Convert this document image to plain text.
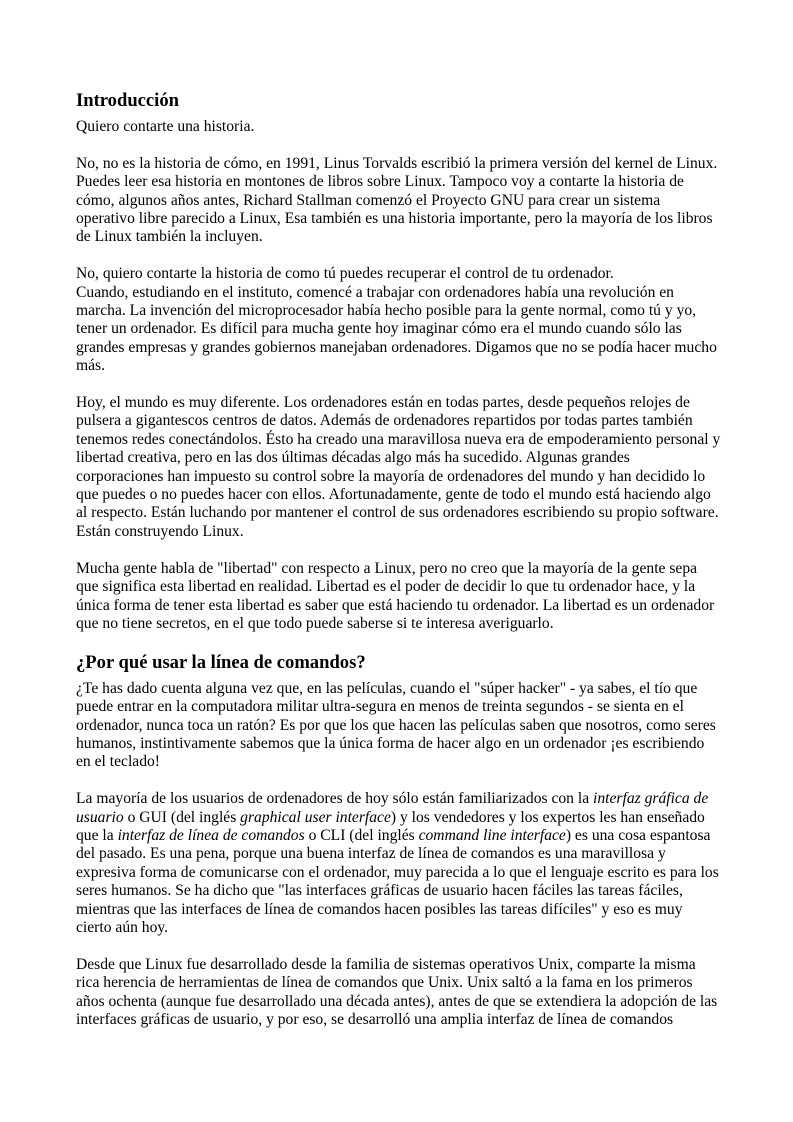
Introducción

Quiero contarte una historia.

No, no es la historia de cómo, en 1991, Linus Torvalds escribió la primera versión del kernel de Linux. Puedes leer esa historia en montones de libros sobre Linux. Tampoco voy a contarte la historia de cómo, algunos años antes, Richard Stallman comenzó el Proyecto GNU para crear un sistema operativo libre parecido a Linux, Esa también es una historia importante, pero la mayoría de los libros de Linux también la incluyen.

No, quiero contarte la historia de como tú puedes recuperar el control de tu ordenador.
Cuando, estudiando en el instituto, comencé a trabajar con ordenadores había una revolución en marcha. La invención del microprocesador había hecho posible para la gente normal, como tú y yo, tener un ordenador. Es difícil para mucha gente hoy imaginar cómo era el mundo cuando sólo las grandes empresas y grandes gobiernos manejaban ordenadores. Digamos que no se podía hacer mucho más.

Hoy, el mundo es muy diferente. Los ordenadores están en todas partes, desde pequeños relojes de pulsera a gigantescos centros de datos. Además de ordenadores repartidos por todas partes también tenemos redes conectándolos. Ésto ha creado una maravillosa nueva era de empoderamiento personal y libertad creativa, pero en las dos últimas décadas algo más ha sucedido. Algunas grandes corporaciones han impuesto su control sobre la mayoría de ordenadores del mundo y han decidido lo que puedes o no puedes hacer con ellos. Afortunadamente, gente de todo el mundo está haciendo algo al respecto. Están luchando por mantener el control de sus ordenadores escribiendo su propio software. Están construyendo Linux.

Mucha gente habla de "libertad" con respecto a Linux, pero no creo que la mayoría de la gente sepa que significa esta libertad en realidad. Libertad es el poder de decidir lo que tu ordenador hace, y la única forma de tener esta libertad es saber que está haciendo tu ordenador. La libertad es un ordenador que no tiene secretos, en el que todo puede saberse si te interesa averiguarlo.

¿Por qué usar la línea de comandos?

¿Te has dado cuenta alguna vez que, en las películas, cuando el "súper hacker" - ya sabes, el tío que puede entrar en la computadora militar ultra-segura en menos de treinta segundos - se sienta en el ordenador, nunca toca un ratón? Es por que los que hacen las películas saben que nosotros, como seres humanos, instintivamente sabemos que la única forma de hacer algo en un ordenador ¡es escribiendo en el teclado!

La mayoría de los usuarios de ordenadores de hoy sólo están familiarizados con la interfaz gráfica de usuario o GUI (del inglés graphical user interface) y los vendedores y los expertos les han enseñado que la interfaz de línea de comandos o CLI (del inglés command line interface) es una cosa espantosa del pasado. Es una pena, porque una buena interfaz de línea de comandos es una maravillosa y expresiva forma de comunicarse con el ordenador, muy parecida a lo que el lenguaje escrito es para los seres humanos. Se ha dicho que "las interfaces gráficas de usuario hacen fáciles las tareas fáciles, mientras que las interfaces de línea de comandos hacen posibles las tareas difíciles" y eso es muy cierto aún hoy.

Desde que Linux fue desarrollado desde la familia de sistemas operativos Unix, comparte la misma rica herencia de herramientas de línea de comandos que Unix. Unix saltó a la fama en los primeros años ochenta (aunque fue desarrollado una década antes), antes de que se extendiera la adopción de las interfaces gráficas de usuario, y por eso, se desarrolló una amplia interfaz de línea de comandos
